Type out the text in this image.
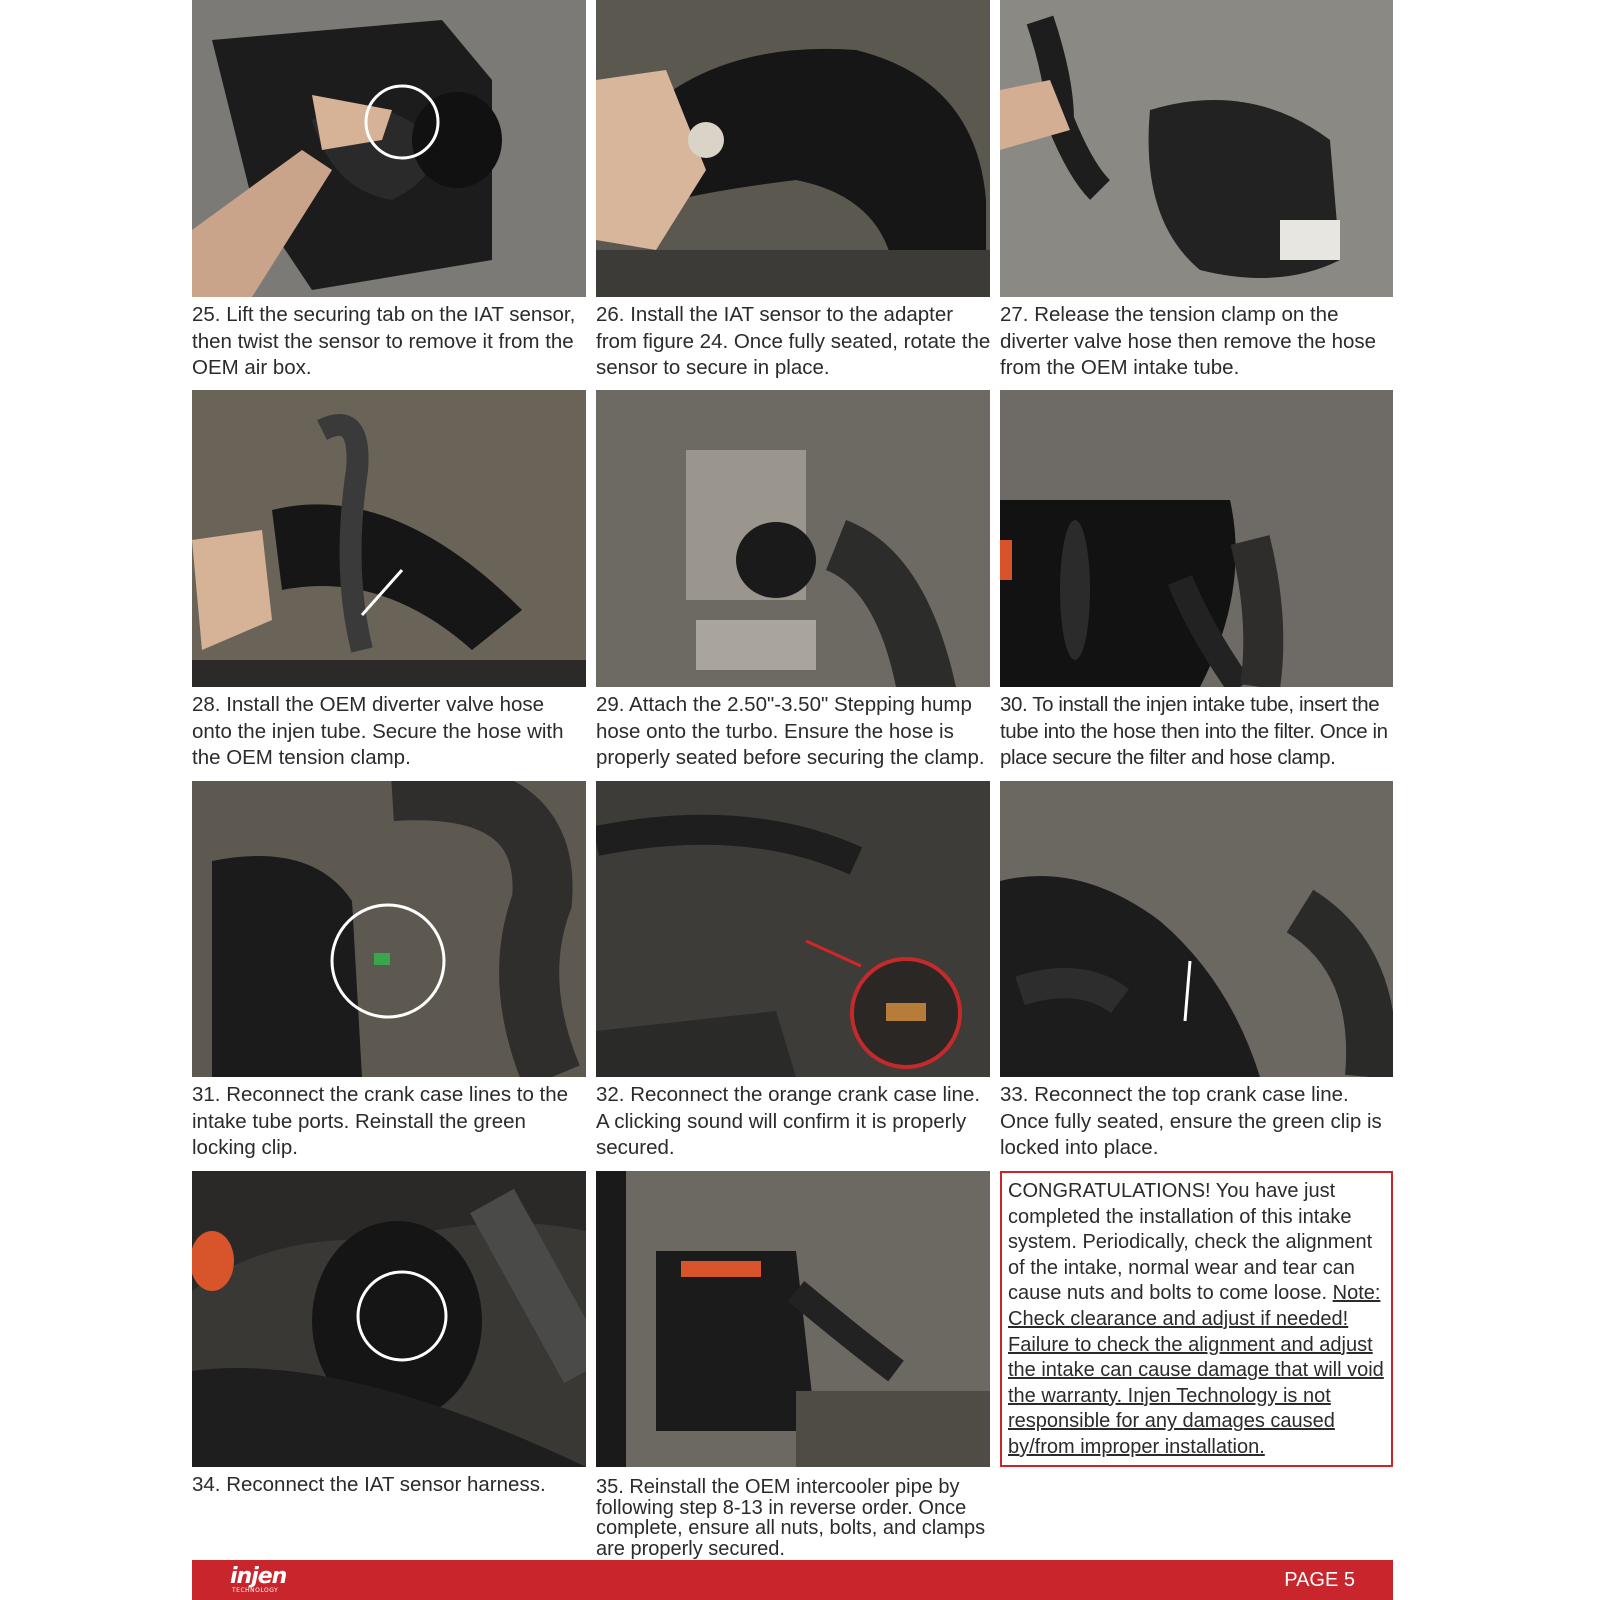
25. Lift the securing tab on the IAT sensor, then twist the sensor to remove it from the OEM air box.

26. Install the IAT sensor to the adapter from figure 24. Once fully seated, rotate the sensor to secure in place.

27. Release the tension clamp on the diverter valve hose then remove the hose from the OEM intake tube.

28. Install the OEM diverter valve hose onto the injen tube. Secure the hose with the OEM tension clamp.

29. Attach the 2.50"-3.50" Stepping hump hose onto the turbo. Ensure the hose is properly seated before securing the clamp.

30. To install the injen intake tube, insert the tube into the hose then into the filter. Once in place secure the filter and hose clamp.

31. Reconnect the crank case lines to the intake tube ports. Reinstall the green locking clip.

32. Reconnect the orange crank case line. A clicking sound will confirm it is properly secured.

33. Reconnect the top crank case line. Once fully seated, ensure the green clip is locked into place.

34. Reconnect the IAT sensor harness.	35. Reinstall the OEM intercooler pipe by following step 8-13 in reverse order. Once complete, ensure all nuts, bolts, and clamps are properly secured.

CONGRATULATIONS! You have just completed the installation of this intake system. Periodically, check the alignment of the intake, normal wear and tear can cause nuts and bolts to come loose. Note: Check clearance and adjust if needed! Failure to check the alignment and adjust the intake can cause damage that will void the warranty. Injen Technology is not responsible for any damages caused by/from improper installation.
injen
TECHNOLOGY	PAGE 5
